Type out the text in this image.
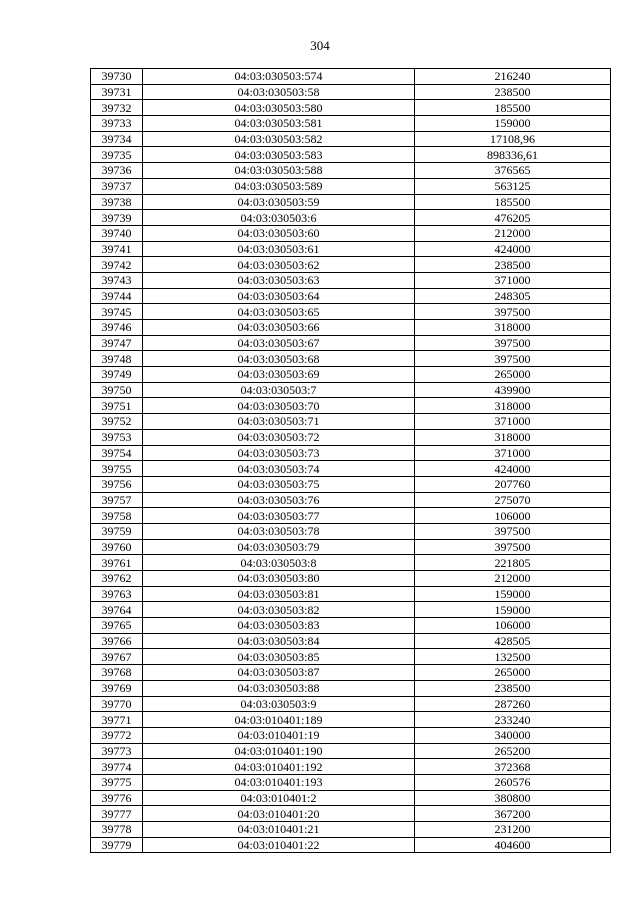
304
39730	04:03:030503:574	216240
39731	04:03:030503:58	238500
39732	04:03:030503:580	185500
39733	04:03:030503:581	159000
39734	04:03:030503:582	17108,96
39735	04:03:030503:583	898336,61
39736	04:03:030503:588	376565
39737	04:03:030503:589	563125
39738	04:03:030503:59	185500
39739	04:03:030503:6	476205
39740	04:03:030503:60	212000
39741	04:03:030503:61	424000
39742	04:03:030503:62	238500
39743	04:03:030503:63	371000
39744	04:03:030503:64	248305
39745	04:03:030503:65	397500
39746	04:03:030503:66	318000
39747	04:03:030503:67	397500
39748	04:03:030503:68	397500
39749	04:03:030503:69	265000
39750	04:03:030503:7	439900
39751	04:03:030503:70	318000
39752	04:03:030503:71	371000
39753	04:03:030503:72	318000
39754	04:03:030503:73	371000
39755	04:03:030503:74	424000
39756	04:03:030503:75	207760
39757	04:03:030503:76	275070
39758	04:03:030503:77	106000
39759	04:03:030503:78	397500
39760	04:03:030503:79	397500
39761	04:03:030503:8	221805
39762	04:03:030503:80	212000
39763	04:03:030503:81	159000
39764	04:03:030503:82	159000
39765	04:03:030503:83	106000
39766	04:03:030503:84	428505
39767	04:03:030503:85	132500
39768	04:03:030503:87	265000
39769	04:03:030503:88	238500
39770	04:03:030503:9	287260
39771	04:03:010401:189	233240
39772	04:03:010401:19	340000
39773	04:03:010401:190	265200
39774	04:03:010401:192	372368
39775	04:03:010401:193	260576
39776	04:03:010401:2	380800
39777	04:03:010401:20	367200
39778	04:03:010401:21	231200
39779	04:03:010401:22	404600
